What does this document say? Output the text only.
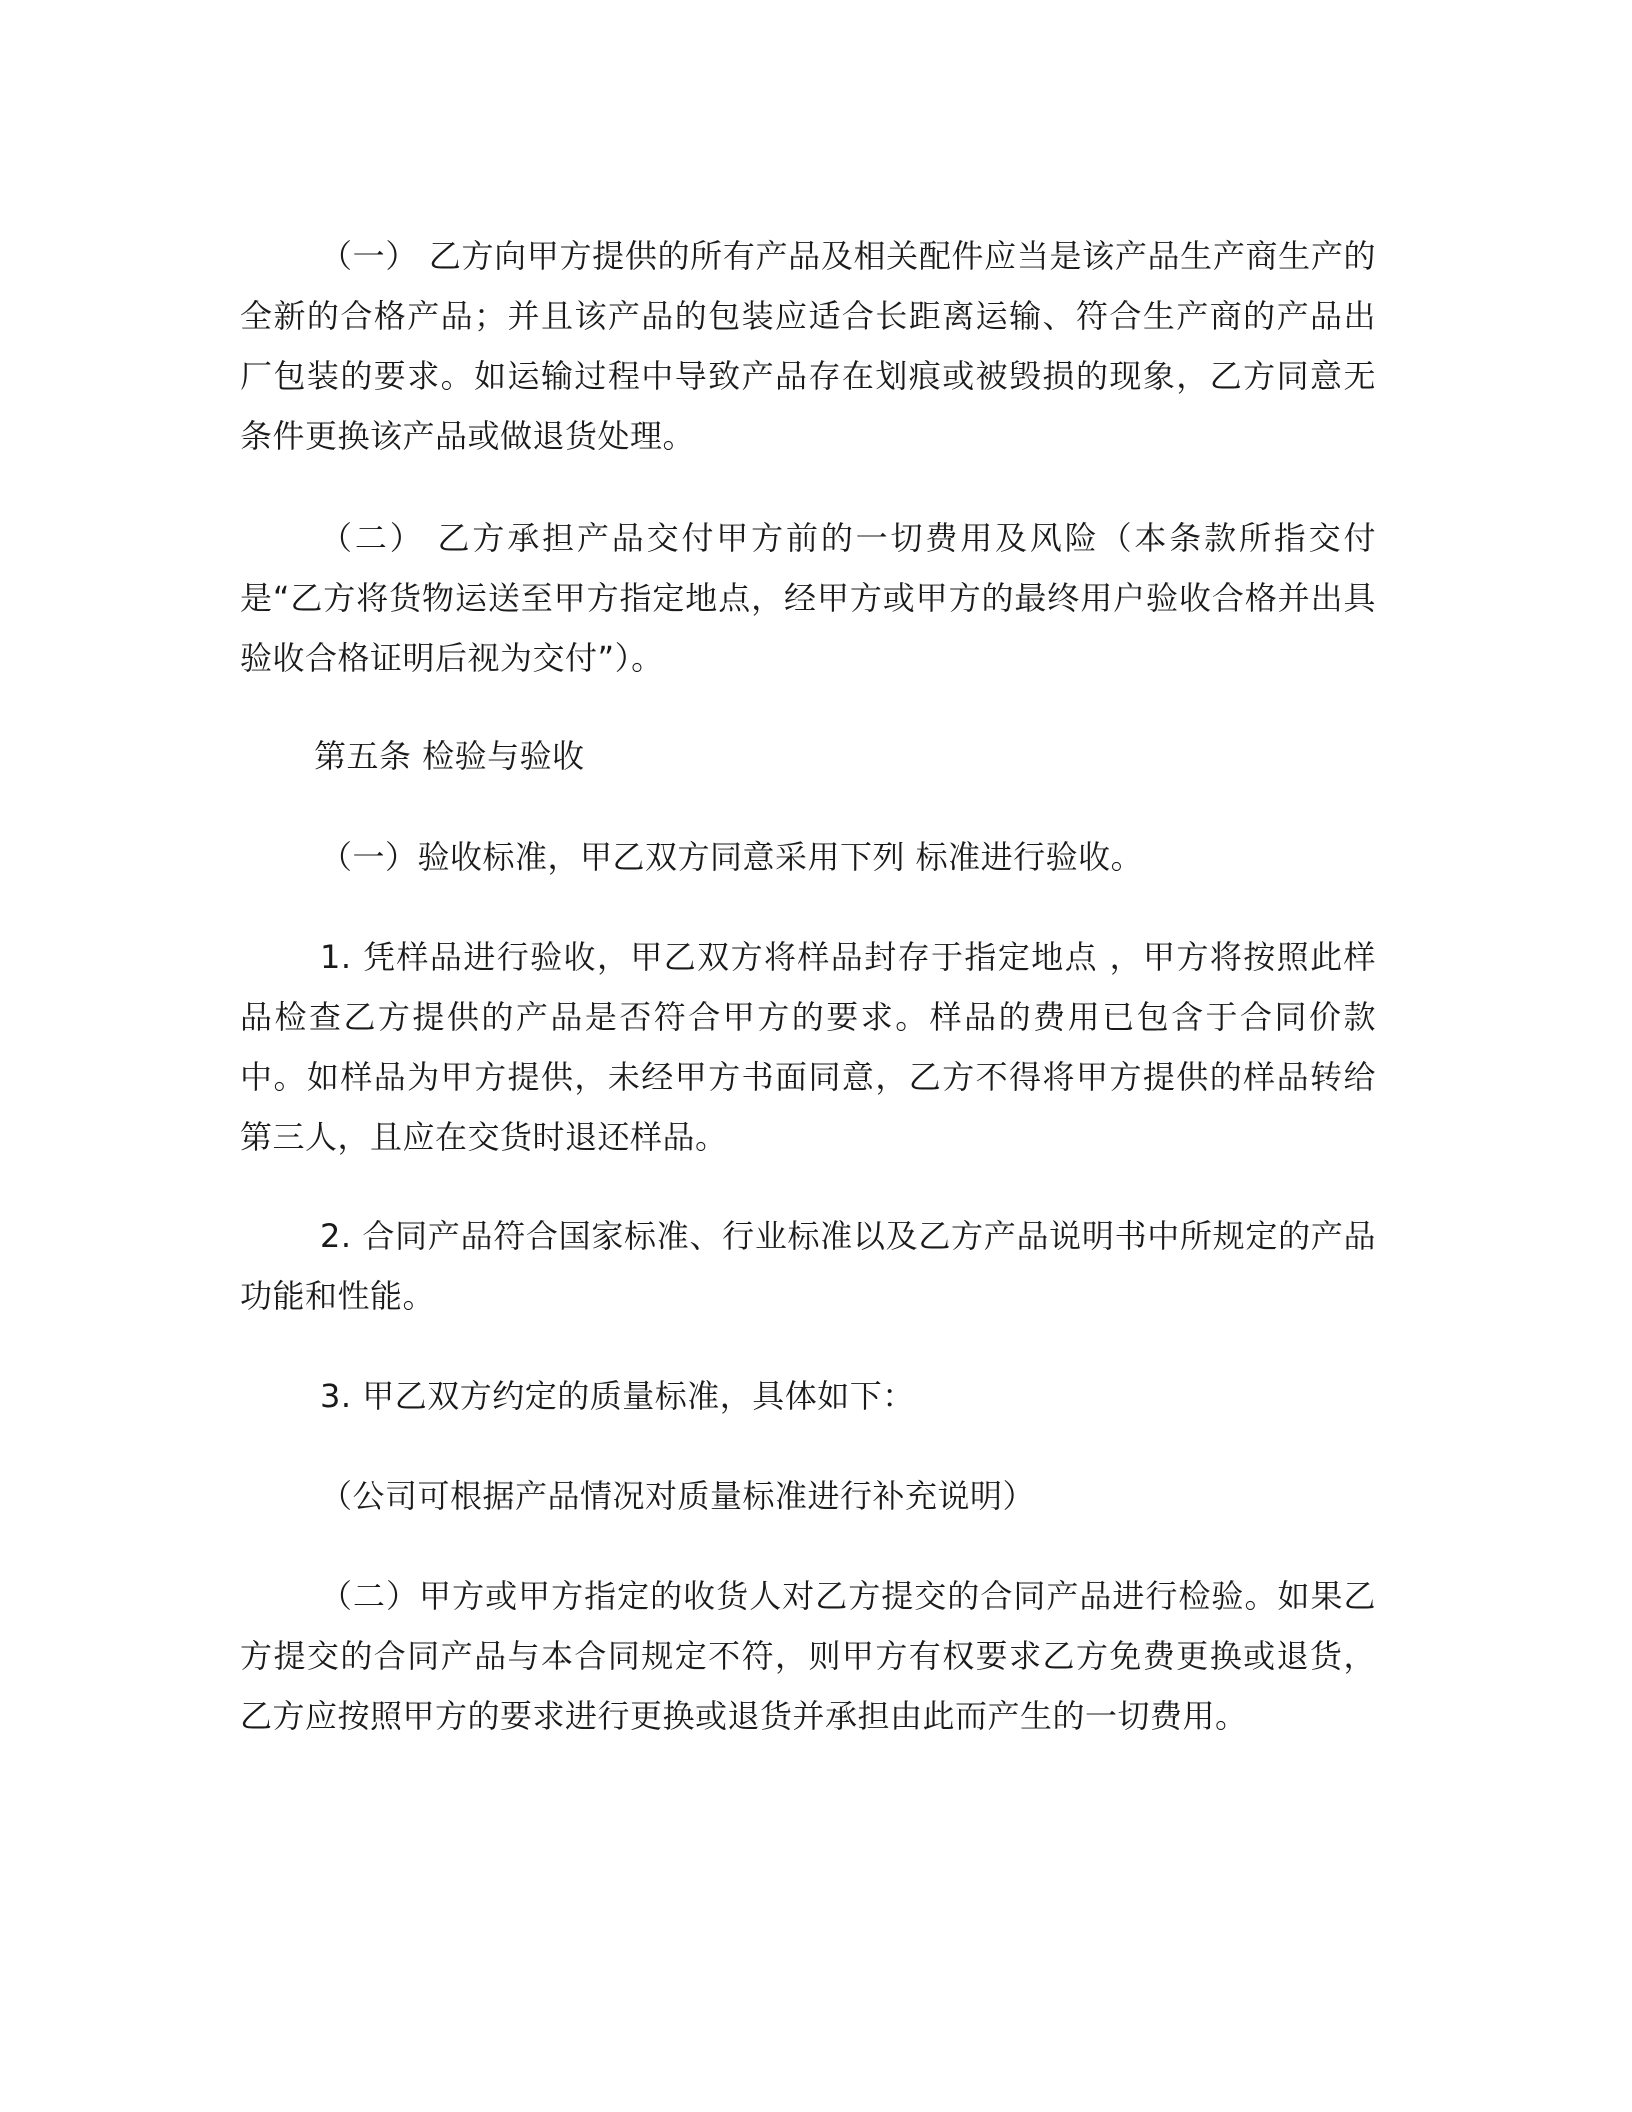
（一） 乙方向甲方提供的所有产品及相关配件应当是该产品生产商生产的全新的合格产品；并且该产品的包装应适合长距离运输、符合生产商的产品出厂包装的要求。如运输过程中导致产品存在划痕或被毁损的现象，乙方同意无条件更换该产品或做退货处理。

（二） 乙方承担产品交付甲方前的一切费用及风险（本条款所指交付是“乙方将货物运送至甲方指定地点，经甲方或甲方的最终用户验收合格并出具验收合格证明后视为交付”）。

第五条 检验与验收

（一）验收标准，甲乙双方同意采用下列 标准进行验收。

1. 凭样品进行验收，甲乙双方将样品封存于指定地点 ，甲方将按照此样品检查乙方提供的产品是否符合甲方的要求。样品的费用已包含于合同价款中。如样品为甲方提供，未经甲方书面同意，乙方不得将甲方提供的样品转给第三人，且应在交货时退还样品。

2. 合同产品符合国家标准、行业标准以及乙方产品说明书中所规定的产品功能和性能。

3. 甲乙双方约定的质量标准，具体如下：

（公司可根据产品情况对质量标准进行补充说明）

（二）甲方或甲方指定的收货人对乙方提交的合同产品进行检验。如果乙方提交的合同产品与本合同规定不符，则甲方有权要求乙方免费更换或退货，乙方应按照甲方的要求进行更换或退货并承担由此而产生的一切费用。
